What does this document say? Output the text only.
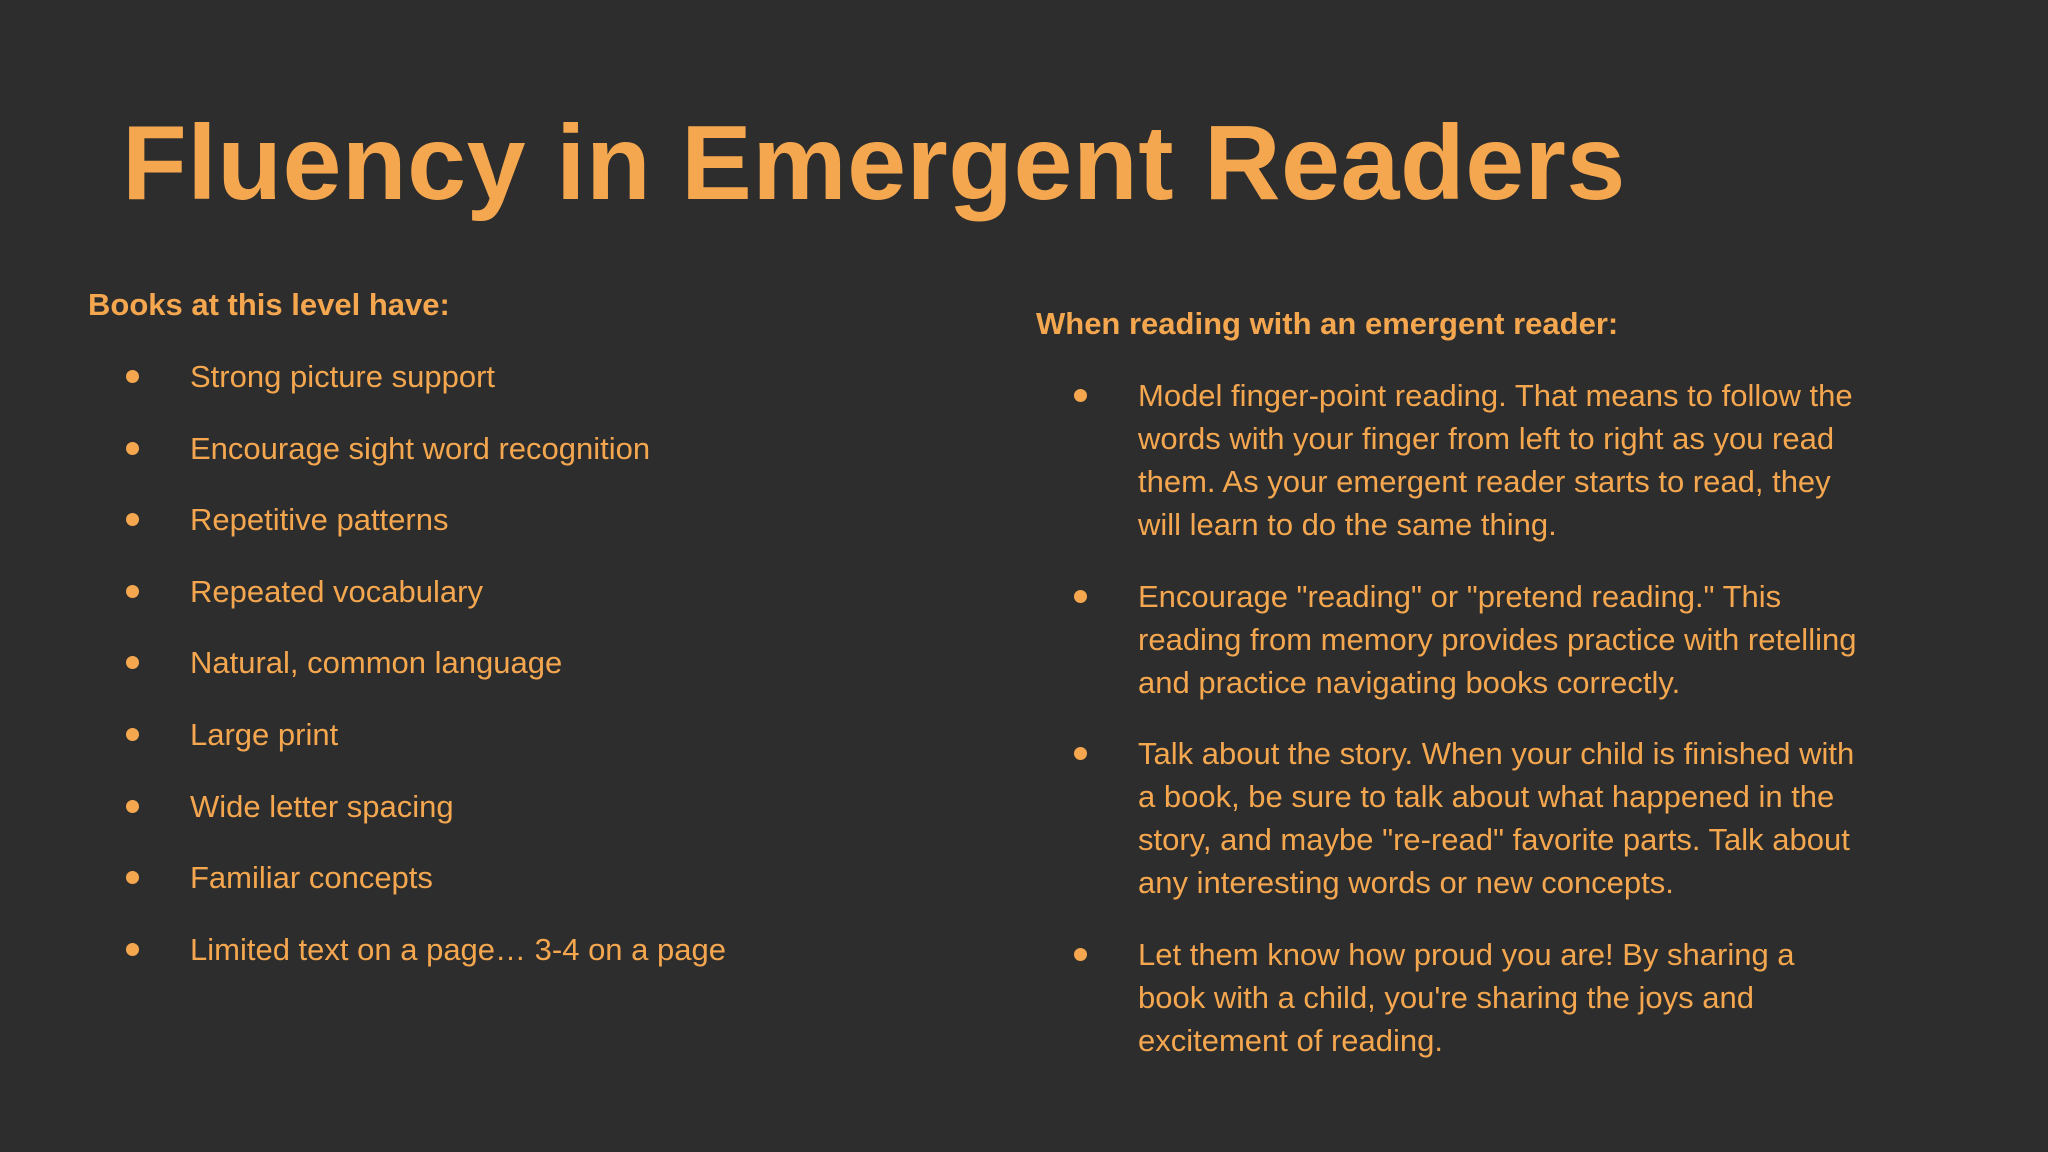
Fluency in Emergent Readers

Books at this level have:

Strong picture support
Encourage sight word recognition
Repetitive patterns
Repeated vocabulary
Natural, common language
Large print
Wide letter spacing
Familiar concepts
Limited text on a page… 3-4 on a page

When reading with an emergent reader:

Model finger-point reading. That means to follow the words with your finger from left to right as you read them. As your emergent reader starts to read, they will learn to do the same thing.
Encourage "reading" or "pretend reading." This reading from memory provides practice with retelling and practice navigating books correctly.
Talk about the story. When your child is finished with a book, be sure to talk about what happened in the story, and maybe "re-read" favorite parts. Talk about any interesting words or new concepts.
Let them know how proud you are! By sharing a book with a child, you're sharing the joys and excitement of reading.
